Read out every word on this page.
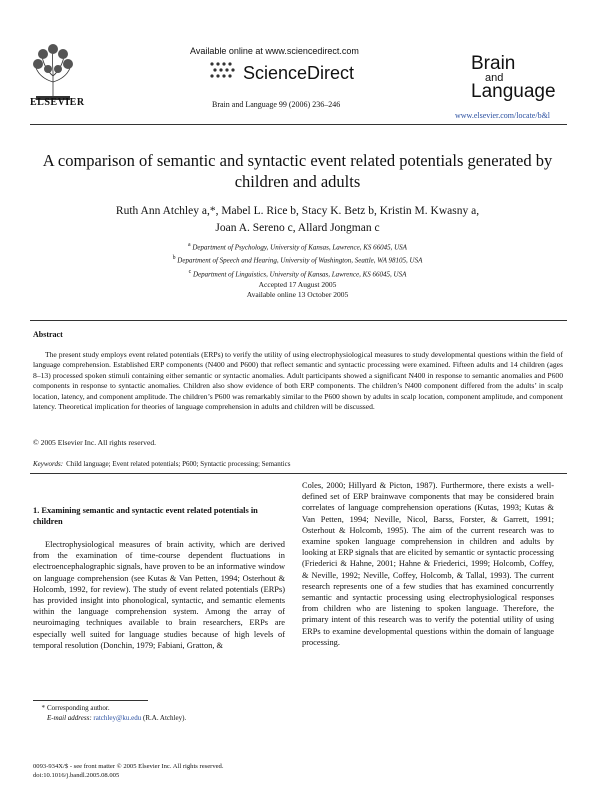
ELSEVIER
Available online at www.sciencedirect.com
ScienceDirect
Brain and Language 99 (2006) 236–246
Brain
and
Language
www.elsevier.com/locate/b&l
A comparison of semantic and syntactic event related potentials generated by children and adults
Ruth Ann Atchley a,*, Mabel L. Rice b, Stacy K. Betz b, Kristin M. Kwasny a,
Joan A. Sereno c, Allard Jongman c
$^a$ Department of Psychology, University of Kansas, Lawrence, KS 66045, USA
$^b$ Department of Speech and Hearing, University of Washington, Seattle, WA 98105, USA
$^c$ Department of Linguistics, University of Kansas, Lawrence, KS 66045, USA
Accepted 17 August 2005
Available online 13 October 2005
Abstract
The present study employs event related potentials (ERPs) to verify the utility of using electrophysiological measures to study developmental questions within the field of language comprehension. Established ERP components (N400 and P600) that reflect semantic and syntactic processing were examined. Fifteen adults and 14 children (ages 8–13) processed spoken stimuli containing either semantic or syntactic anomalies. Adult participants showed a significant N400 in response to semantic anomalies and P600 components in response to syntactic anomalies. Children also show evidence of both ERP components. The children’s N400 component differed from the adults’ in scalp location, latency, and component amplitude. The children’s P600 was remarkably similar to the P600 shown by adults in scalp location, component amplitude, and component latency. Theoretical implication for theories of language comprehension in adults and children will be discussed.
© 2005 Elsevier Inc. All rights reserved.
Keywords: Child language; Event related potentials; P600; Syntactic processing; Semantics
1. Examining semantic and syntactic event related potentials in children
Electrophysiological measures of brain activity, which are derived from the examination of time-course dependent fluctuations in electroencephalographic signals, have proven to be an informative window on language comprehension (see Kutas & Van Petten, 1994; Osterhout & Holcomb, 1992, for review). The study of event related potentials (ERPs) has provided insight into phonological, syntactic, and semantic elements within the language comprehension system. Among the array of neuroimaging techniques available to brain researchers, ERPs are especially well suited for language studies because of high levels of temporal resolution (Donchin, 1979; Fabiani, Gratton, &
Coles, 2000; Hillyard & Picton, 1987). Furthermore, there exists a well-defined set of ERP brainwave components that may be considered brain correlates of language comprehension operations (Kutas, 1993; Kutas & Van Petten, 1994; Neville, Nicol, Barss, Forster, & Garrett, 1991; Osterhout & Holcomb, 1995). The aim of the current research was to examine spoken language comprehension in children and adults by looking at ERP signals that are elicited by semantic or syntactic processing (Friederici & Hahne, 2001; Hahne & Friederici, 1999; Holcomb, Coffey, & Neville, 1992; Neville, Coffey, Holcomb, & Tallal, 1993). The current research represents one of a few studies that has examined concurrently semantic and syntactic processing using electrophysiological responses from children who are listening to spoken language. Therefore, the primary intent of this research was to verify the potential utility of using ERPs to examine developmental questions within the domain of language processing.
* Corresponding author.
E-mail address: ratchley@ku.edu (R.A. Atchley).
0093-934X/$ - see front matter © 2005 Elsevier Inc. All rights reserved.
doi:10.1016/j.bandl.2005.08.005
